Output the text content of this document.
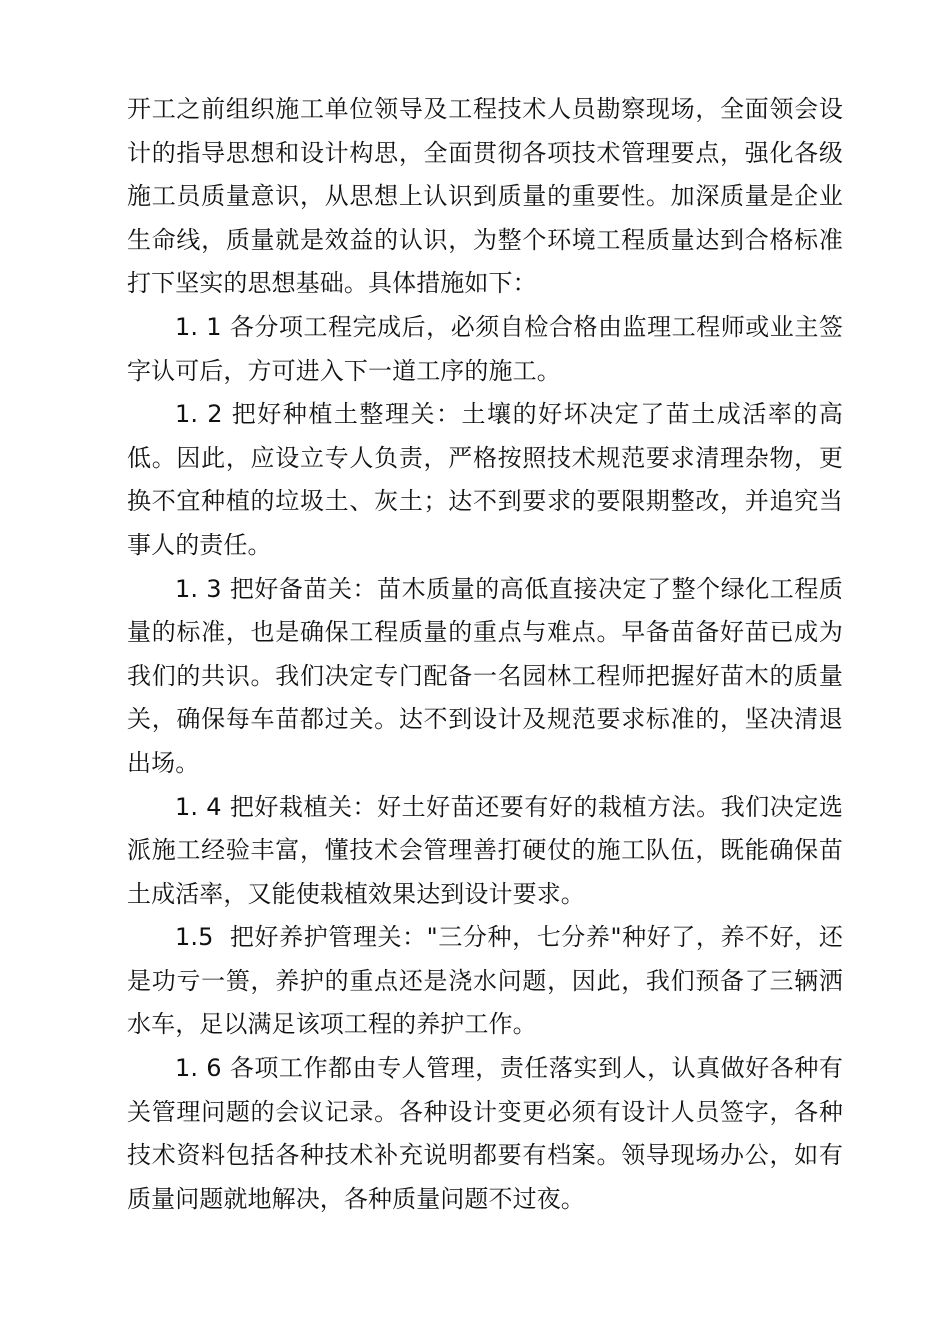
开工之前组织施工单位领导及工程技术人员勘察现场，全面领会设计的指导思想和设计构思，全面贯彻各项技术管理要点，强化各级施工员质量意识，从思想上认识到质量的重要性。加深质量是企业生命线，质量就是效益的认识，为整个环境工程质量达到合格标准打下坚实的思想基础。具体措施如下：

1. 1 各分项工程完成后，必须自检合格由监理工程师或业主签字认可后，方可进入下一道工序的施工。

1. 2 把好种植土整理关：土壤的好坏决定了苗土成活率的高低。因此，应设立专人负责，严格按照技术规范要求清理杂物，更换不宜种植的垃圾土、灰土；达不到要求的要限期整改，并追究当事人的责任。

1. 3 把好备苗关：苗木质量的高低直接决定了整个绿化工程质量的标准，也是确保工程质量的重点与难点。早备苗备好苗已成为我们的共识。我们决定专门配备一名园林工程师把握好苗木的质量关，确保每车苗都过关。达不到设计及规范要求标准的，坚决清退出场。

1. 4 把好栽植关：好土好苗还要有好的栽植方法。我们决定选派施工经验丰富，懂技术会管理善打硬仗的施工队伍，既能确保苗土成活率，又能使栽植效果达到设计要求。

1.5  把好养护管理关："三分种，七分养"种好了，养不好，还是功亏一篑，养护的重点还是浇水问题，因此，我们预备了三辆洒水车，足以满足该项工程的养护工作。

1. 6 各项工作都由专人管理，责任落实到人，认真做好各种有关管理问题的会议记录。各种设计变更必须有设计人员签字，各种技术资料包括各种技术补充说明都要有档案。领导现场办公，如有质量问题就地解决，各种质量问题不过夜。
